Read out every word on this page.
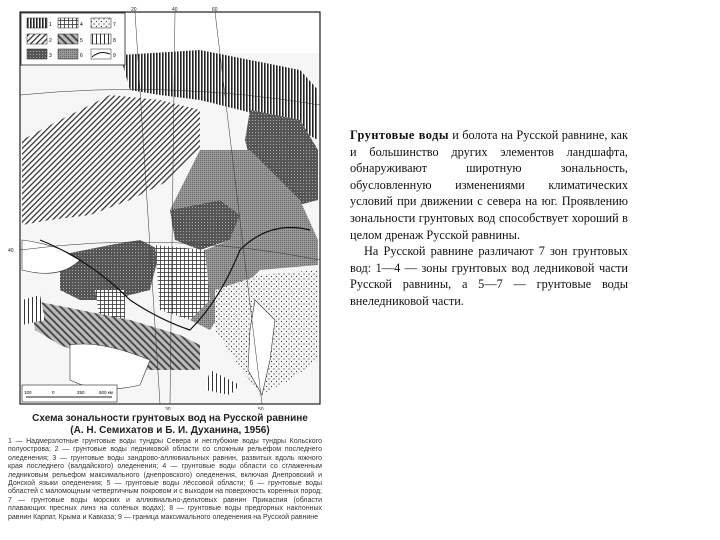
20	40	60
30	50
40
100	0	250	500 км
1
2
3
4
5
6
7
8
9
Схема зональности грунтовых вод на Русской равнине
(А. Н. Семихатов и Б. И. Духанина, 1956)
1 — Надмерзлотные грунтовые воды тундры Севера и неглубокие воды тундры Кольского полуострова; 2 — грунтовые воды ледниковой области со сложным рельефом последнего оледенения; 3 — грунтовые воды зандрово-аллювиальных равнин, развитых вдоль южного края последнего (валдайского) оледенения; 4 — грунтовые воды области со сглаженным ледниковым рельефом максимального (днепровского) оледенения, включая Днепровский и Донской языки оледенения; 5 — грунтовые воды лёссовой области; 6 — грунтовые воды областей с маломощным четвертичным покровом и с выходом на поверхность коренных пород; 7 — грунтовые воды морских и аллювиально-дельтовых равнин Прикаспия (области плавающих пресных линз на солёных водах); 8 — грунтовые воды предгорных наклонных равнин Карпат, Крыма и Кавказа; 9 — граница максимального оледенения на Русской равнине

Грунтовые воды и болота на Русской равнине, как и большинство других элементов ландшафта, обнаруживают широтную зональность, обусловленную изменениями климатических условий при движении с севера на юг. Проявлению зональности грунтовых вод способствует хороший в целом дренаж Русской равнины.

На Русской равнине различают 7 зон грунтовых вод: 1—4 — зоны грунтовых вод ледниковой части Русской равнины, а 5—7 — грунтовые воды внеледниковой части.
